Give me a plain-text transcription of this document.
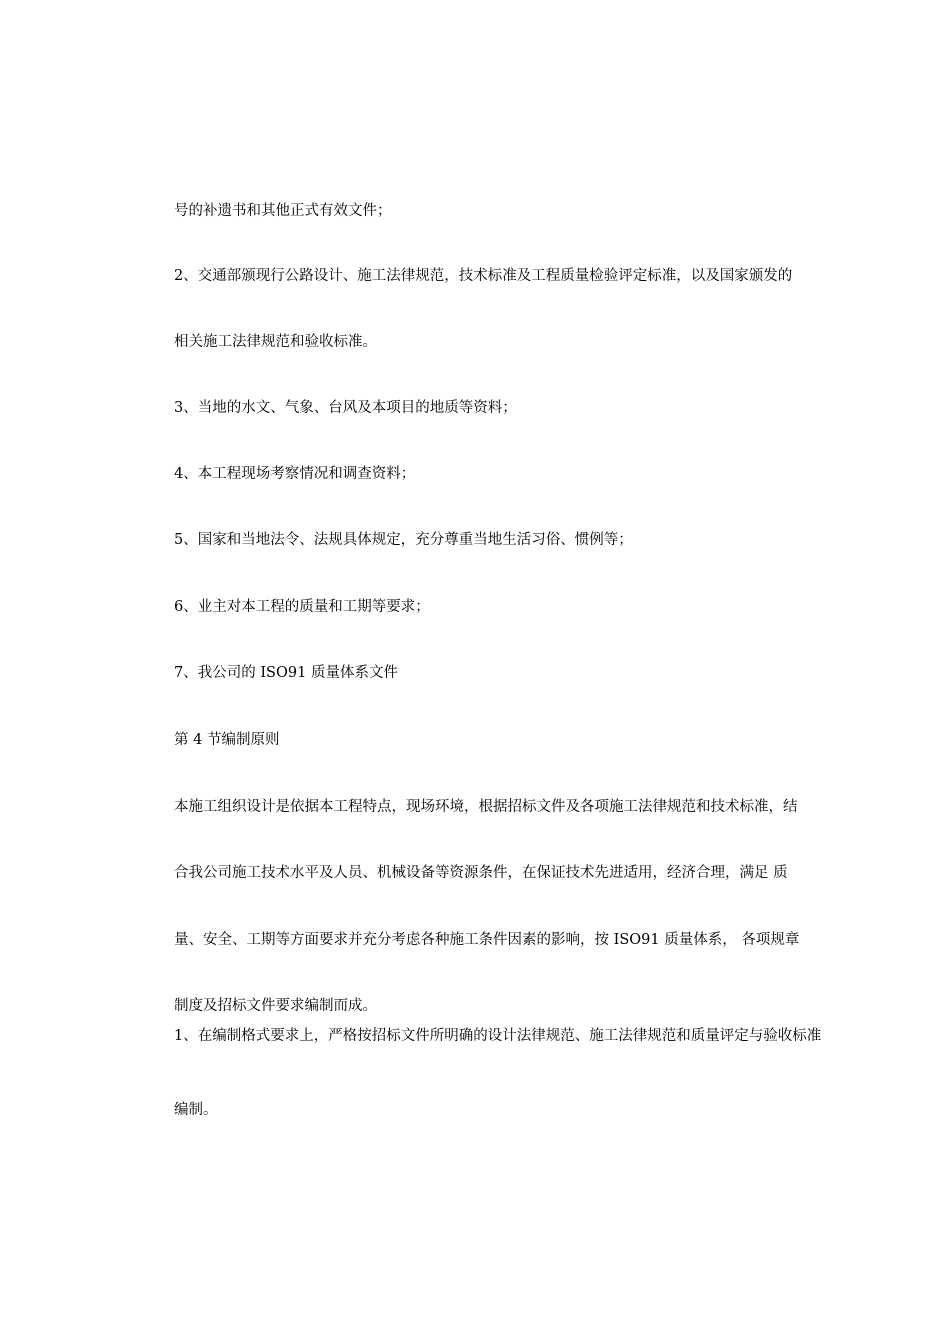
号的补遗书和其他正式有效文件；
2、交通部颁现行公路设计、施工法律规范，技术标准及工程质量检验评定标准，以及国家颁发的
相关施工法律规范和验收标准。
3、当地的水文、气象、台风及本项目的地质等资料；
4、本工程现场考察情况和调查资料；
5、国家和当地法令、法规具体规定，充分尊重当地生活习俗、惯例等；
6、业主对本工程的质量和工期等要求；
7、我公司的 ISO91 质量体系文件
第 4 节编制原则
本施工组织设计是依据本工程特点，现场环境，根据招标文件及各项施工法律规范和技术标准，结
合我公司施工技术水平及人员、机械设备等资源条件，在保证技术先进适用，经济合理，满足 质
量、安全、工期等方面要求并充分考虑各种施工条件因素的影响，按 ISO91 质量体系， 各项规章
制度及招标文件要求编制而成。
1、在编制格式要求上，严格按招标文件所明确的设计法律规范、施工法律规范和质量评定与验收标准
编制。
